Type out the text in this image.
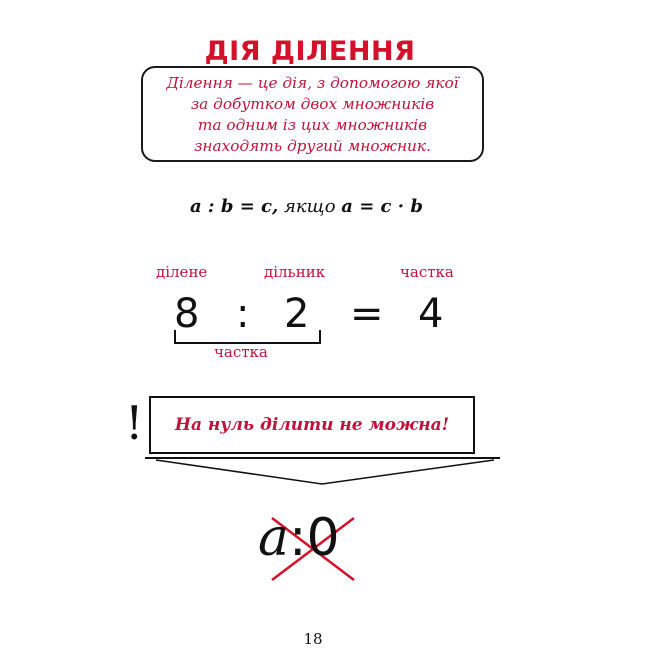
ДІЯ ДІЛЕННЯ
Ділення — це дія, з допомогою якої
за добутком двох множників
та одним із цих множників
знаходять другий множник.
a : b = c, якщо a = c · b
ділене	дільник	частка
8 : 2 = 4
частка
!	На нуль ділити не можна!
a:0
18
